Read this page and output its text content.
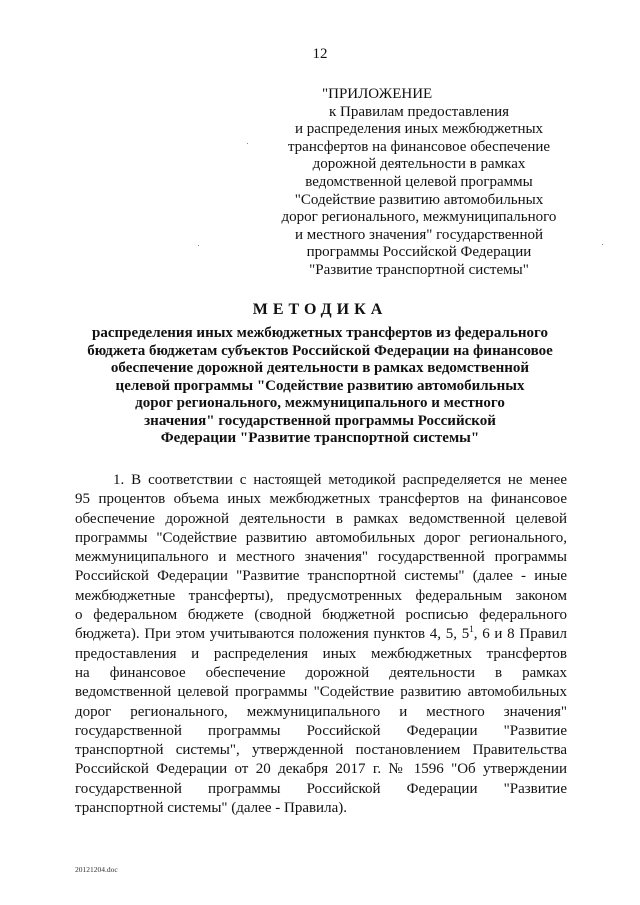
12
"ПРИЛОЖЕНИЕ
к Правилам предоставления
и распределения иных межбюджетных
трансфертов на финансовое обеспечение
дорожной деятельности в рамках
ведомственной целевой программы
"Содействие развитию автомобильных
дорог регионального, межмуниципального
и местного значения" государственной
программы Российской Федерации
"Развитие транспортной системы"
МЕТОДИКА
распределения иных межбюджетных трансфертов из федерального
бюджета бюджетам субъектов Российской Федерации на финансовое
обеспечение дорожной деятельности в рамках ведомственной
целевой программы "Содействие развитию автомобильных
дорог регионального, межмуниципального и местного
значения" государственной программы Российской
Федерации "Развитие транспортной системы"
1. В соответствии с настоящей методикой распределяется не менее
95 процентов объема иных межбюджетных трансфертов на финансовое
обеспечение дорожной деятельности в рамках ведомственной целевой
программы "Содействие развитию автомобильных дорог регионального,
межмуниципального и местного значения" государственной программы
Российской Федерации "Развитие транспортной системы" (далее - иные
межбюджетные трансферты), предусмотренных федеральным законом
о федеральном бюджете (сводной бюджетной росписью федерального
бюджета). При этом учитываются положения пунктов 4, 5, $5^1$, 6 и 8 Правил
предоставления и распределения иных межбюджетных трансфертов
на финансовое обеспечение дорожной деятельности в рамках
ведомственной целевой программы "Содействие развитию автомобильных
дорог регионального, межмуниципального и местного значения"
государственной программы Российской Федерации "Развитие
транспортной системы", утвержденной постановлением Правительства
Российской Федерации от 20 декабря 2017 г. № 1596 "Об утверждении
государственной программы Российской Федерации "Развитие
транспортной системы" (далее - Правила).
20121204.doc
